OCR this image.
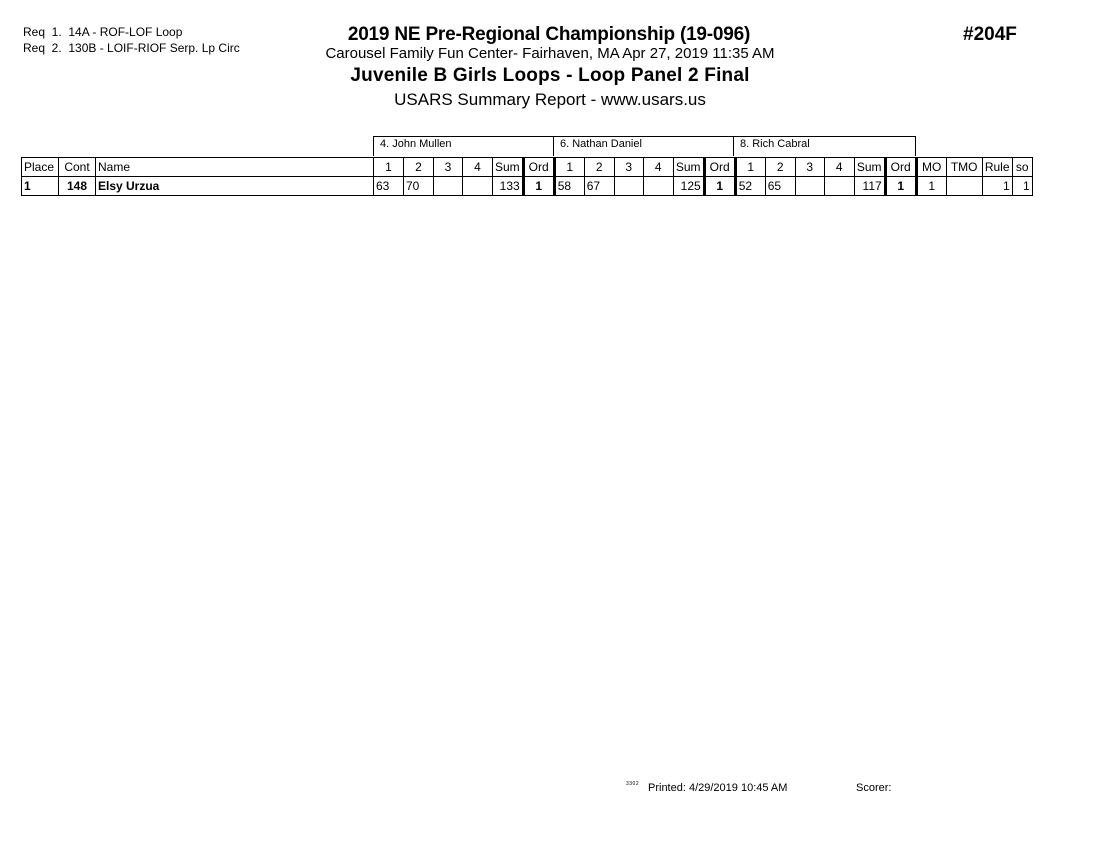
Req  1.  14A - ROF-LOF Loop
Req  2.  130B - LOIF-RIOF Serp. Lp Circ
2019 NE Pre-Regional Championship (19-096)
Carousel Family Fun Center- Fairhaven, MA Apr 27, 2019 11:35 AM
Juvenile B Girls Loops - Loop Panel 2 Final
USARS Summary Report - www.usars.us
#204F
4. John Mullen	6. Nathan Daniel	8. Rich Cabral
Place	Cont	Name	1	2	3	4	Sum	Ord	1	2	3	4	Sum	Ord	1	2	3	4	Sum	Ord	MO	TMO	Rule	so
1	148	Elsy Urzua	63	70			133	1	58	67			125	1	52	65			117	1	1		1	1
3302 Printed: 4/29/2019 10:45 AM	Scorer:
